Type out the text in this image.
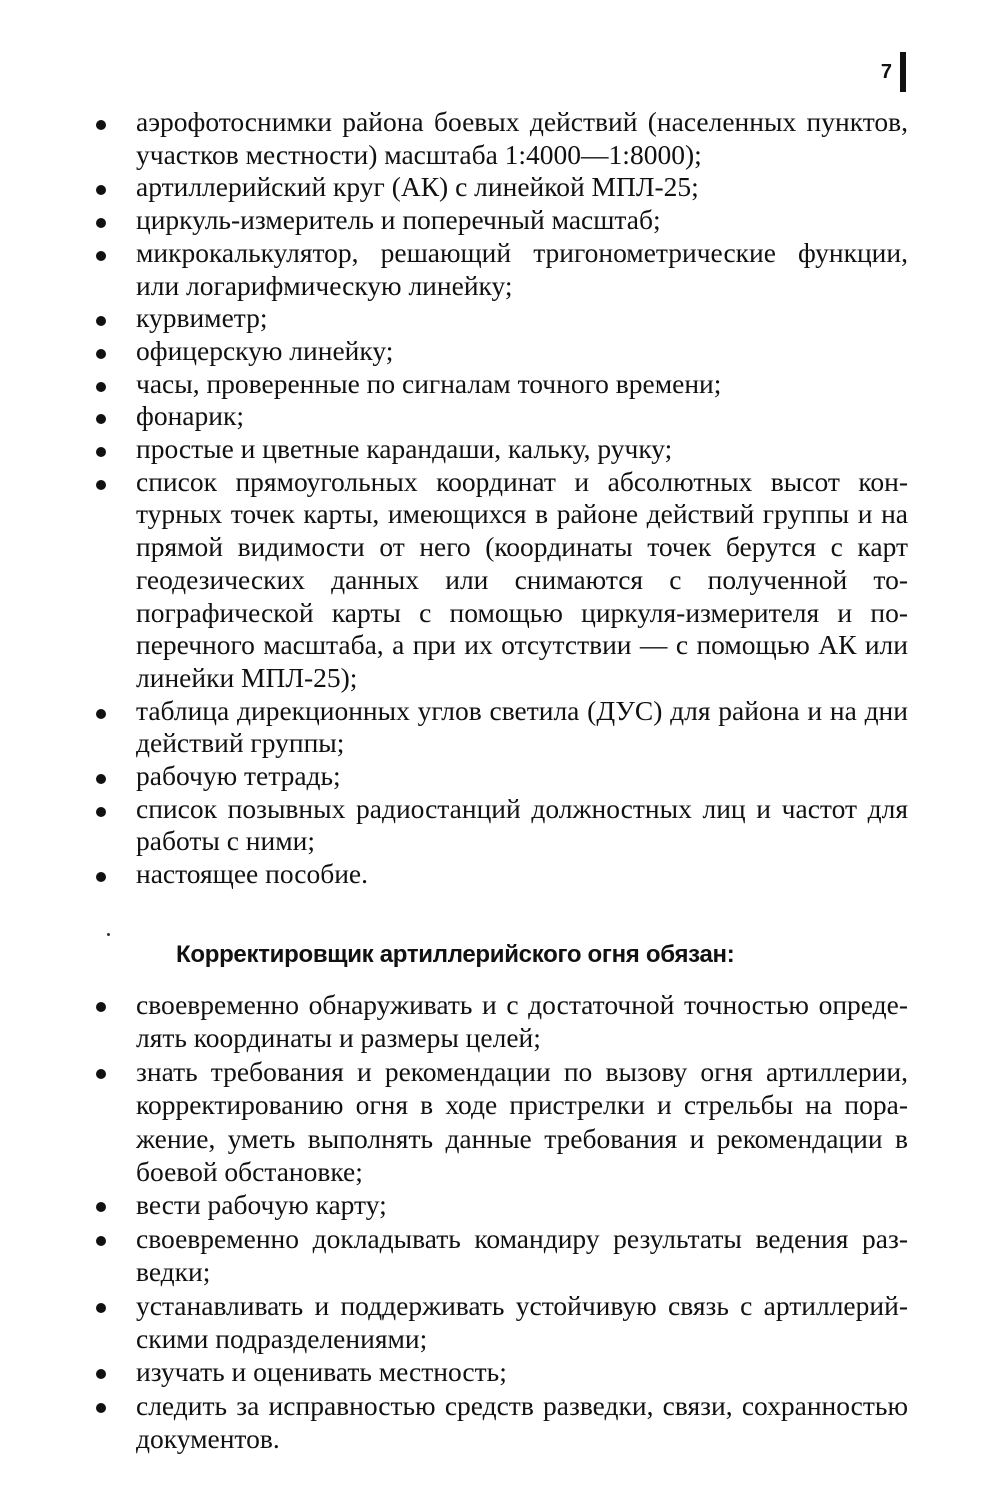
7
аэрофотоснимки района боевых действий (населенных пунктов, участков местности) масштаба 1:4000—1:8000);
артиллерийский круг (АК) с линейкой МПЛ-25;
циркуль-измеритель и поперечный масштаб;
микрокалькулятор, решающий тригонометрические функции, или логарифмическую линейку;
курвиметр;
офицерскую линейку;
часы, проверенные по сигналам точного времени;
фонарик;
простые и цветные карандаши, кальку, ручку;
список прямоугольных координат и абсолютных высот контурных точек карты, имеющихся в районе действий группы и на прямой видимости от него (координаты точек берутся с карт геодезических данных или снимаются с полученной топографической карты с помощью циркуля-измерителя и поперечного масштаба, а при их отсутствии — с помощью АК или линейки МПЛ-25);
таблица дирекционных углов светила (ДУС) для района и на дни действий группы;
рабочую тетрадь;
список позывных радиостанций должностных лиц и частот для работы с ними;
настоящее пособие.
Корректировщик артиллерийского огня обязан:
своевременно обнаруживать и с достаточной точностью определять координаты и размеры целей;
знать требования и рекомендации по вызову огня артиллерии, корректированию огня в ходе пристрелки и стрельбы на поражение, уметь выполнять данные требования и рекомендации в боевой обстановке;
вести рабочую карту;
своевременно докладывать командиру результаты ведения разведки;
устанавливать и поддерживать устойчивую связь с артиллерийскими подразделениями;
изучать и оценивать местность;
следить за исправностью средств разведки, связи, сохранностью документов.
